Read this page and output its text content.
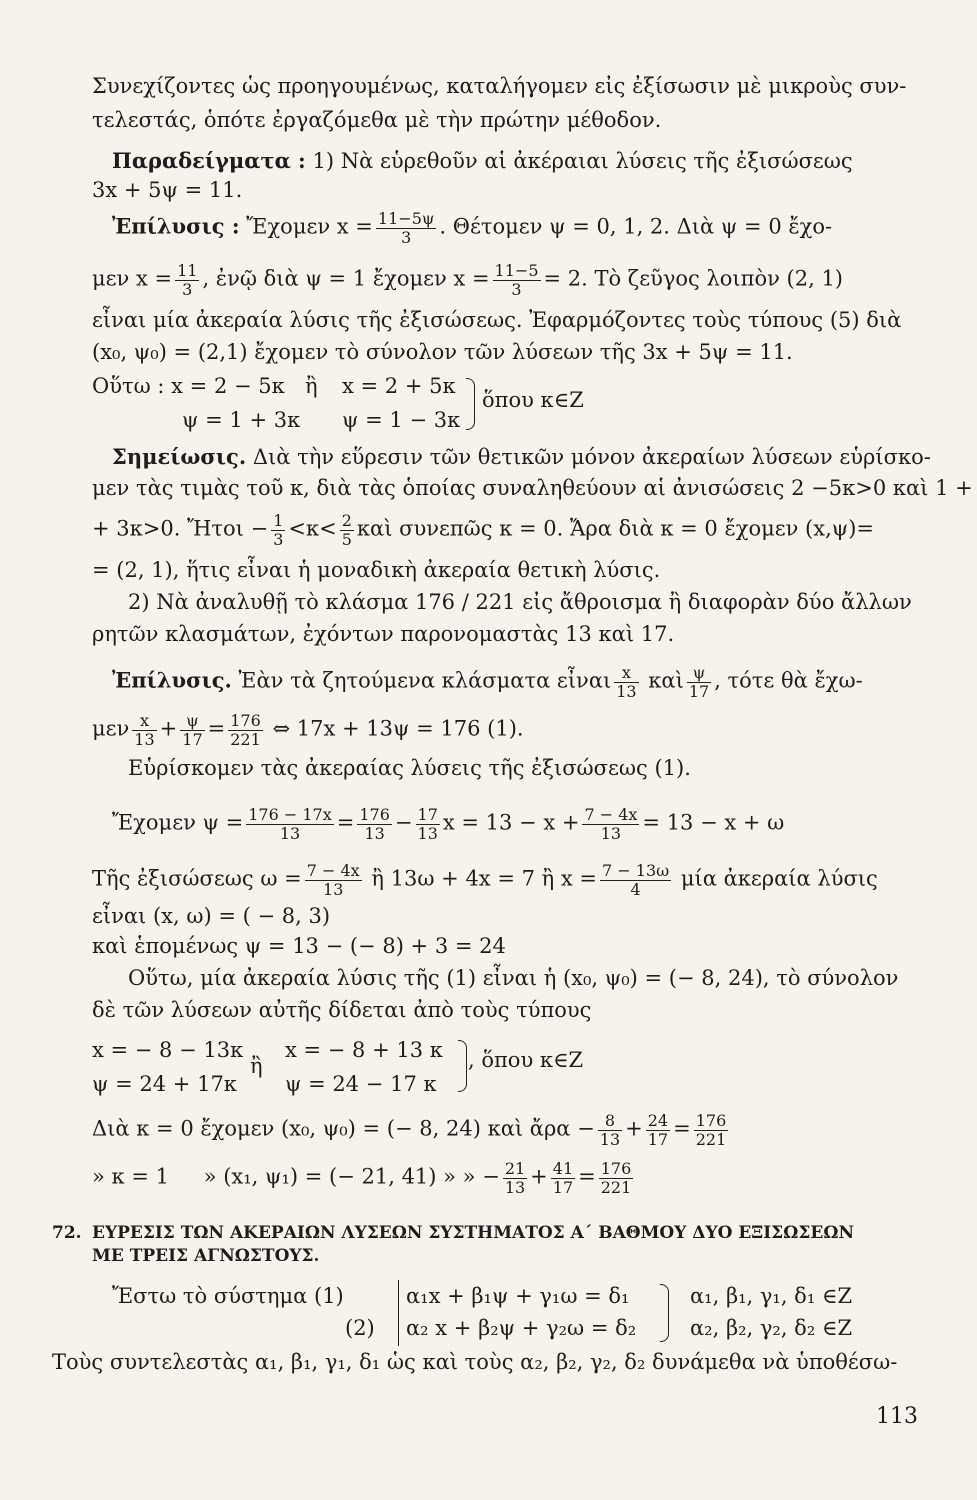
Συνεχίζοντες ὡς προηγουμένως, καταλήγομεν εἰς ἐξίσωσιν μὲ μικροὺς συν-
τελεστάς, ὁπότε ἐργαζόμεθα μὲ τὴν πρώτην μέθοδον.
Παραδείγματα : 1) Νὰ εὑρεθοῦν αἱ ἀκέραιαι λύσεις τῆς ἐξισώσεως
3x + 5ψ = 11.
Ἐπίλυσις : Ἔχομεν $x = \frac{11-5\psi}{3}$ . Θέτομεν ψ = 0, 1, 2. Διὰ ψ = 0 ἔχο-
μεν $x = \frac{11}{3}$ , ἐνῷ διὰ ψ = 1 ἔχομεν $x = \frac{11-5}{3} = 2$. Τὸ ζεῦγος λοιπὸν (2, 1)
εἶναι μία ἀκεραία λύσις τῆς ἐξισώσεως. Ἐφαρμόζοντες τοὺς τύπους (5) διὰ
(x₀, ψ₀) = (2,1) ἔχομεν τὸ σύνολον τῶν λύσεων τῆς 3x + 5ψ = 11.
Οὕτω : x = 2 − 5κ ἢ x = 2 + 5κ
ὅπου κ∈Z
ψ = 1 + 3κ ψ = 1 − 3κ
Σημείωσις. Διὰ τὴν εὕρεσιν τῶν θετικῶν μόνον ἀκεραίων λύσεων εὑρίσκο-
μεν τὰς τιμὰς τοῦ κ, διὰ τὰς ὁποίας συναληθεύουν αἱ ἀνισώσεις 2 −5κ>0 καὶ 1 +
+ 3κ>0. Ἤτοι − $\frac{1}{3} <\kappa< \frac{2}{5}$ καὶ συνεπῶς κ = 0. Ἄρα διὰ κ = 0 ἔχομεν (x,ψ)=
= (2, 1), ἥτις εἶναι ἡ μοναδικὴ ἀκεραία θετικὴ λύσις.
2) Νὰ ἀναλυθῇ τὸ κλάσμα 176 / 221 εἰς ἄθροισμα ἢ διαφορὰν δύο ἄλλων
ρητῶν κλασμάτων, ἐχόντων παρονομαστὰς 13 καὶ 17.
Ἐπίλυσις. Ἐὰν τὰ ζητούμενα κλάσματα εἶναι $\frac{x}{13}$ καὶ $\frac{\psi}{17}$ , τότε θὰ ἔχω-
μεν $\frac{x}{13} + \frac{\psi}{17} = \frac{176}{221}$ ⇔ 17x + 13ψ = 176 (1).
Εὑρίσκομεν τὰς ἀκεραίας λύσεις τῆς ἐξισώσεως (1).
Ἔχομεν $\psi = \frac{176 - 17x}{13} = \frac{176}{13} - \frac{17}{13}$ $x = 13 - x + \frac{7 - 4x}{13} = 13 - x + \omega$
Τῆς ἐξισώσεως $\omega = \frac{7 - 4x}{13}$ ἢ 13ω + 4x = 7 ἢ $x = \frac{7 - 13\omega}{4}$ μία ἀκεραία λύσις
εἶναι (x, ω) = ( − 8, 3)
καὶ ἑπομένως ψ = 13 − (− 8) + 3 = 24
Οὕτω, μία ἀκεραία λύσις τῆς (1) εἶναι ἡ (x₀, ψ₀) = (− 8, 24), τὸ σύνολον
δὲ τῶν λύσεων αὐτῆς δίδεται ἀπὸ τοὺς τύπους
x = − 8 − 13κ
ἢ
x = − 8 + 13 κ , ὅπου κ∈Z
ψ = 24 + 17κ ψ = 24 − 17 κ
Διὰ κ = 0 ἔχομεν (x₀, ψ₀) = (− 8, 24) καὶ ἄρα − $\frac{8}{13} + \frac{24}{17} = \frac{176}{221}$
» κ = 1 » (x₁, ψ₁) = (− 21, 41) » » − $\frac{21}{13} + \frac{41}{17} = \frac{176}{221}$
72. ΕΥΡΕΣΙΣ ΤΩΝ ΑΚΕΡΑΙΩΝ ΛΥΣΕΩΝ ΣΥΣΤΗΜΑΤΟΣ Α΄ ΒΑΘΜΟΥ ΔΥΟ ΕΞΙΣΩΣΕΩΝ
ΜΕ ΤΡΕΙΣ ΑΓΝΩΣΤΟΥΣ.
Ἔστω τὸ σύστημα (1)	α₁x + β₁ψ + γ₁ω = δ₁	α₁, β₁, γ₁, δ₁ ∈Z
(2) α₂ x + β₂ψ + γ₂ω = δ₂	α₂, β₂, γ₂, δ₂ ∈Z
Τοὺς συντελεστὰς α₁, β₁, γ₁, δ₁ ὡς καὶ τοὺς α₂, β₂, γ₂, δ₂ δυνάμεθα νὰ ὑποθέσω-
113
